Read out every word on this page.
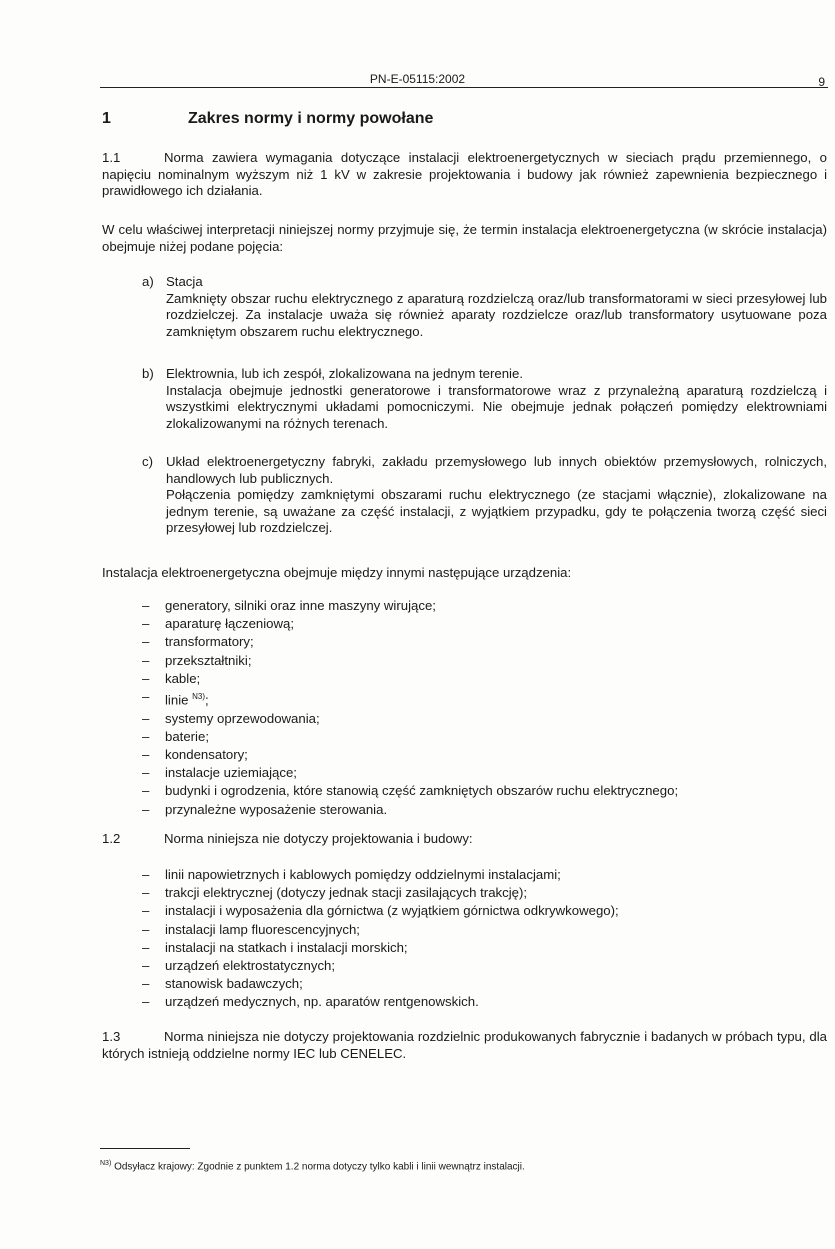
PN-E-05115:2002	9
1	Zakres normy i normy powołane
1.1	Norma zawiera wymagania dotyczące instalacji elektroenergetycznych w sieciach prądu przemiennego, o napięciu nominalnym wyższym niż 1 kV w zakresie projektowania i budowy jak również zapewnienia bezpiecznego i prawidłowego ich działania.
W celu właściwej interpretacji niniejszej normy przyjmuje się, że termin instalacja elektroenergetyczna (w skrócie instalacja) obejmuje niżej podane pojęcia:
a) Stacja
Zamknięty obszar ruchu elektrycznego z aparaturą rozdzielczą oraz/lub transformatorami w sieci przesyłowej lub rozdzielczej. Za instalacje uważa się również aparaty rozdzielcze oraz/lub transformatory usytuowane poza zamkniętym obszarem ruchu elektrycznego.
b) Elektrownia, lub ich zespół, zlokalizowana na jednym terenie.
Instalacja obejmuje jednostki generatorowe i transformatorowe wraz z przynależną aparaturą rozdzielczą i wszystkimi elektrycznymi układami pomocniczymi. Nie obejmuje jednak połączeń pomiędzy elektrowniami zlokalizowanymi na różnych terenach.
c) Układ elektroenergetyczny fabryki, zakładu przemysłowego lub innych obiektów przemysłowych, rolniczych, handlowych lub publicznych.
Połączenia pomiędzy zamkniętymi obszarami ruchu elektrycznego (ze stacjami włącznie), zlokalizowane na jednym terenie, są uważane za część instalacji, z wyjątkiem przypadku, gdy te połączenia tworzą część sieci przesyłowej lub rozdzielczej.
Instalacja elektroenergetyczna obejmuje między innymi następujące urządzenia:
– generatory, silniki oraz inne maszyny wirujące;
– aparaturę łączeniową;
– transformatory;
– przekształtniki;
– kable;
– linie $^{N3)}$;
– systemy oprzewodowania;
– baterie;
– kondensatory;
– instalacje uziemiające;
– budynki i ogrodzenia, które stanowią część zamkniętych obszarów ruchu elektrycznego;
– przynależne wyposażenie sterowania.
1.2	Norma niniejsza nie dotyczy projektowania i budowy:
– linii napowietrznych i kablowych pomiędzy oddzielnymi instalacjami;
– trakcji elektrycznej (dotyczy jednak stacji zasilających trakcję);
– instalacji i wyposażenia dla górnictwa (z wyjątkiem górnictwa odkrywkowego);
– instalacji lamp fluorescencyjnych;
– instalacji na statkach i instalacji morskich;
– urządzeń elektrostatycznych;
– stanowisk badawczych;
– urządzeń medycznych, np. aparatów rentgenowskich.
1.3	Norma niniejsza nie dotyczy projektowania rozdzielnic produkowanych fabrycznie i badanych w próbach typu, dla których istnieją oddzielne normy IEC lub CENELEC.
$^{N3)}$ Odsyłacz krajowy: Zgodnie z punktem 1.2 norma dotyczy tylko kabli i linii wewnątrz instalacji.
